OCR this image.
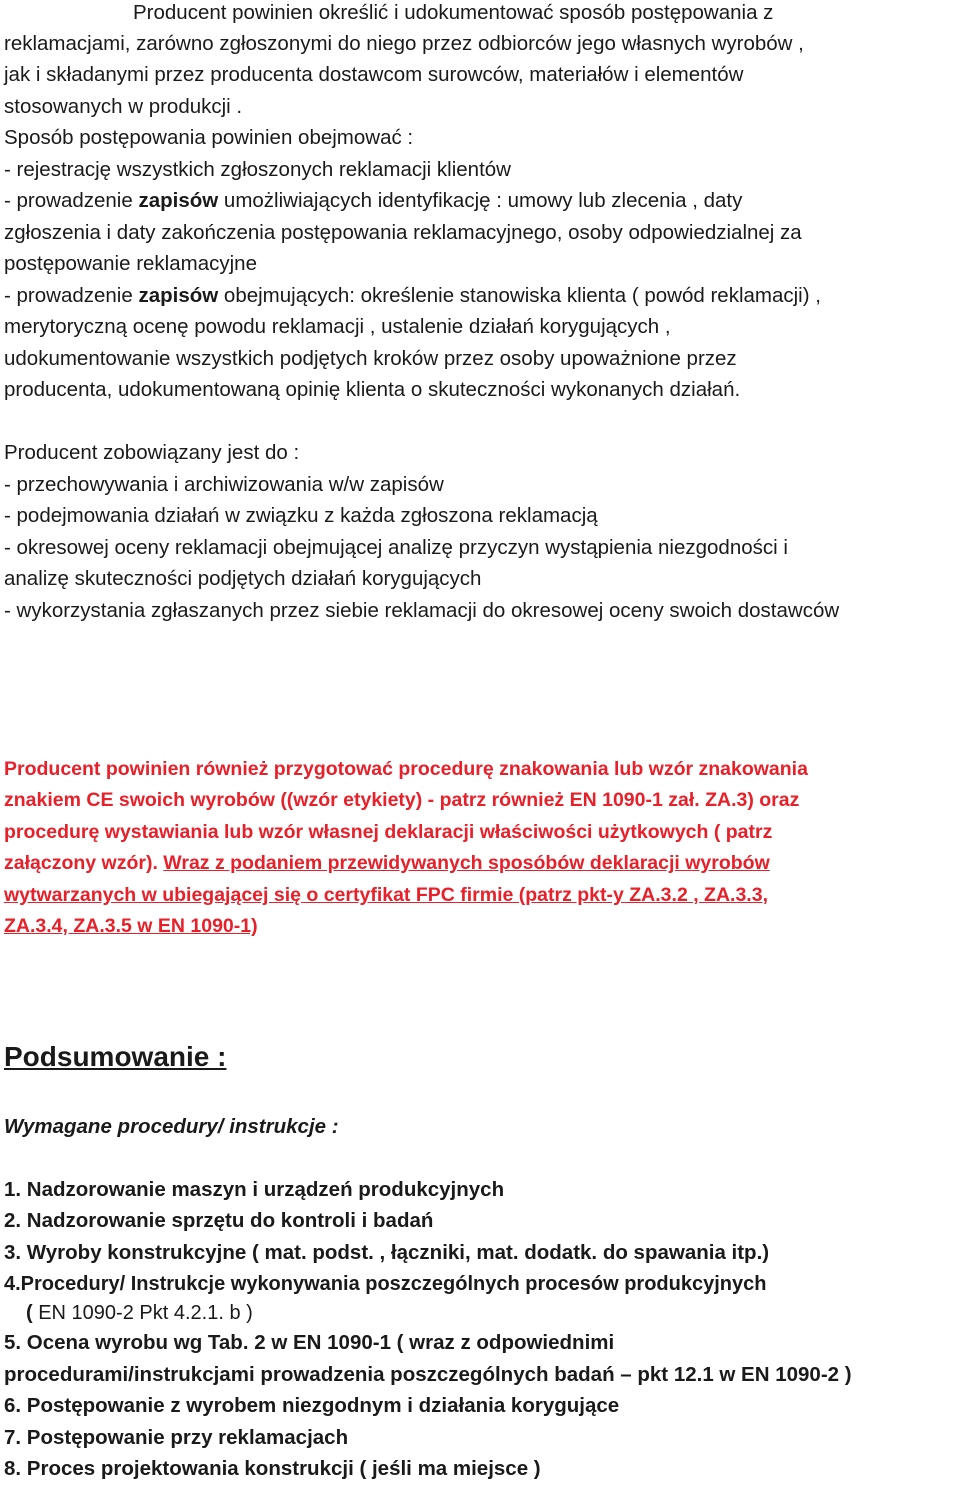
Producent powinien określić i udokumentować sposób postępowania z
reklamacjami, zarówno zgłoszonymi do niego przez odbiorców jego własnych wyrobów ,
jak i składanymi przez producenta dostawcom surowców, materiałów i elementów
stosowanych w produkcji .
Sposób postępowania powinien obejmować :
- rejestrację wszystkich zgłoszonych reklamacji klientów
- prowadzenie zapisów umożliwiających identyfikację : umowy lub zlecenia , daty
zgłoszenia i daty zakończenia postępowania reklamacyjnego, osoby odpowiedzialnej za
postępowanie reklamacyjne
- prowadzenie zapisów obejmujących: określenie stanowiska klienta ( powód reklamacji) ,
merytoryczną ocenę powodu reklamacji , ustalenie działań korygujących ,
udokumentowanie wszystkich podjętych kroków przez osoby upoważnione przez
producenta, udokumentowaną opinię klienta o skuteczności wykonanych działań.
Producent zobowiązany jest do :
- przechowywania i archiwizowania w/w zapisów
- podejmowania działań w związku z każda zgłoszona reklamacją
- okresowej oceny reklamacji obejmującej analizę przyczyn wystąpienia niezgodności i
analizę skuteczności podjętych działań korygujących
- wykorzystania zgłaszanych przez siebie reklamacji do okresowej oceny swoich dostawców
Producent powinien również przygotować procedurę znakowania lub wzór znakowania
znakiem CE swoich wyrobów ((wzór etykiety) - patrz również EN 1090-1 zał. ZA.3) oraz
procedurę wystawiania lub wzór własnej deklaracji właściwości użytkowych ( patrz
załączony wzór). Wraz z podaniem przewidywanych sposóbów deklaracji wyrobów
wytwarzanych w ubiegającej się o certyfikat FPC firmie (patrz pkt-y ZA.3.2 , ZA.3.3,
ZA.3.4, ZA.3.5 w EN 1090-1)
Podsumowanie :
Wymagane procedury/ instrukcje :
1. Nadzorowanie maszyn i urządzeń produkcyjnych
2. Nadzorowanie sprzętu do kontroli i badań
3. Wyroby konstrukcyjne ( mat. podst. , łączniki, mat. dodatk. do spawania itp.)
4.Procedury/ Instrukcje wykonywania poszczególnych procesów produkcyjnych
( EN 1090-2 Pkt 4.2.1. b )
5. Ocena wyrobu wg Tab. 2 w EN 1090-1 ( wraz z odpowiednimi
procedurami/instrukcjami prowadzenia poszczególnych badań – pkt 12.1 w EN 1090-2 )
6. Postępowanie z wyrobem niezgodnym i działania korygujące
7. Postępowanie przy reklamacjach
8. Proces projektowania konstrukcji ( jeśli ma miejsce )
